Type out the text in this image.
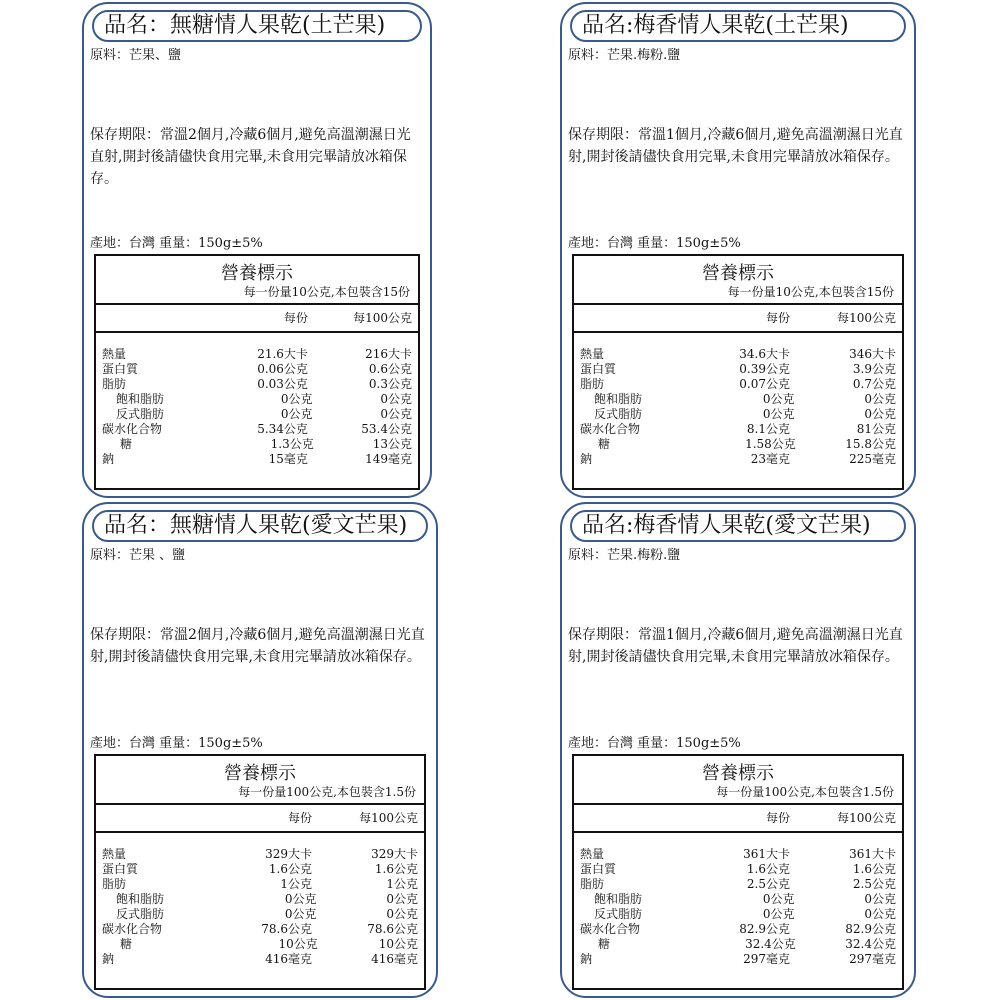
品名：無糖情人果乾(土芒果)
原料：芒果、鹽
保存期限：常溫2個月,冷藏6個月,避免高溫潮濕日光直射,開封後請儘快食用完畢,未食用完畢請放冰箱保存。
產地：台灣 重量：150g±5%
營養標示
每一份量10公克,本包裝含15份
每份	每100公克
熱量	21.6大卡	216大卡
蛋白質	0.06公克	0.6公克
脂肪	0.03公克	0.3公克
飽和脂肪	0公克	0公克
反式脂肪	0公克	0公克
碳水化合物	5.34公克	53.4公克
糖	1.3公克	13公克
鈉	15毫克	149毫克
品名:梅香情人果乾(土芒果)
原料：芒果.梅粉.鹽
保存期限：常溫1個月,冷藏6個月,避免高溫潮濕日光直射,開封後請儘快食用完畢,未食用完畢請放冰箱保存。
產地：台灣 重量：150g±5%
營養標示
每一份量10公克,本包裝含15份
每份	每100公克
熱量	34.6大卡	346大卡
蛋白質	0.39公克	3.9公克
脂肪	0.07公克	0.7公克
飽和脂肪	0公克	0公克
反式脂肪	0公克	0公克
碳水化合物	8.1公克	81公克
糖	1.58公克	15.8公克
鈉	23毫克	225毫克
品名：無糖情人果乾(愛文芒果)
原料：芒果 、鹽
保存期限：常溫2個月,冷藏6個月,避免高溫潮濕日光直射,開封後請儘快食用完畢,未食用完畢請放冰箱保存。
產地：台灣 重量：150g±5%
營養標示
每一份量100公克,本包裝含1.5份
每份	每100公克
熱量	329大卡	329大卡
蛋白質	1.6公克	1.6公克
脂肪	1公克	1公克
飽和脂肪	0公克	0公克
反式脂肪	0公克	0公克
碳水化合物	78.6公克	78.6公克
糖	10公克	10公克
鈉	416毫克	416毫克
品名:梅香情人果乾(愛文芒果)
原料：芒果.梅粉.鹽
保存期限：常溫1個月,冷藏6個月,避免高溫潮濕日光直射,開封後請儘快食用完畢,未食用完畢請放冰箱保存。
產地：台灣 重量：150g±5%
營養標示
每一份量100公克,本包裝含1.5份
每份	每100公克
熱量	361大卡	361大卡
蛋白質	1.6公克	1.6公克
脂肪	2.5公克	2.5公克
飽和脂肪	0公克	0公克
反式脂肪	0公克	0公克
碳水化合物	82.9公克	82.9公克
糖	32.4公克	32.4公克
鈉	297毫克	297毫克
